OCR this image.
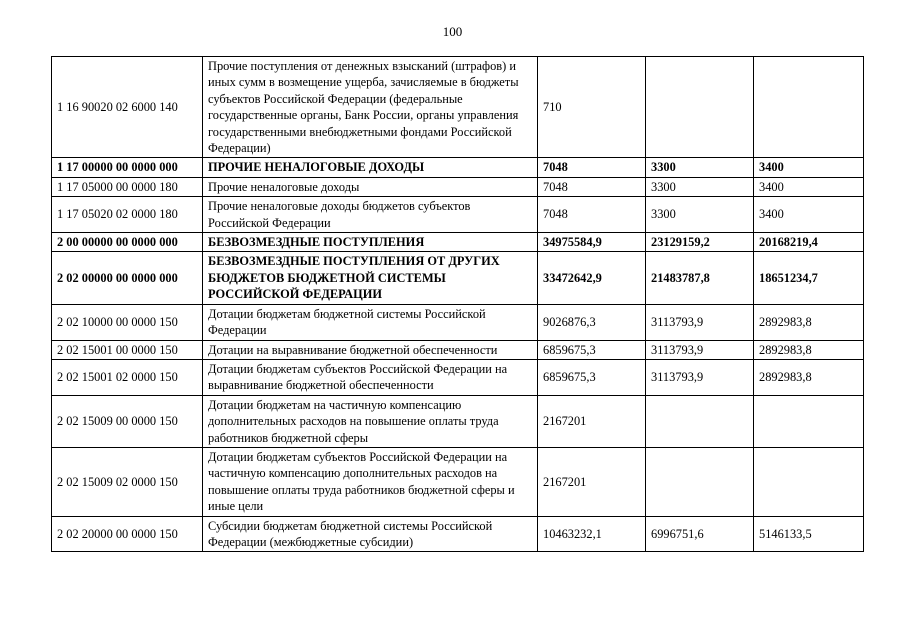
100
1 16 90020 02 6000 140	Прочие поступления от денежных взысканий (штрафов) и иных сумм в возмещение ущерба, зачисляемые в бюджеты субъектов Российской Федерации (федеральные государственные органы, Банк России, органы управления государственными внебюджетными фондами Российской Федерации)	710		
1 17 00000 00 0000 000	ПРОЧИЕ НЕНАЛОГОВЫЕ ДОХОДЫ	7048	3300	3400
1 17 05000 00 0000 180	Прочие неналоговые доходы	7048	3300	3400
1 17 05020 02 0000 180	Прочие неналоговые доходы бюджетов субъектов Российской Федерации	7048	3300	3400
2 00 00000 00 0000 000	БЕЗВОЗМЕЗДНЫЕ ПОСТУПЛЕНИЯ	34975584,9	23129159,2	20168219,4
2 02 00000 00 0000 000	БЕЗВОЗМЕЗДНЫЕ ПОСТУПЛЕНИЯ ОТ ДРУГИХ БЮДЖЕТОВ БЮДЖЕТНОЙ СИСТЕМЫ РОССИЙСКОЙ ФЕДЕРАЦИИ	33472642,9	21483787,8	18651234,7
2 02 10000 00 0000 150	Дотации бюджетам бюджетной системы Российской Федерации	9026876,3	3113793,9	2892983,8
2 02 15001 00 0000 150	Дотации на выравнивание бюджетной обеспеченности	6859675,3	3113793,9	2892983,8
2 02 15001 02 0000 150	Дотации бюджетам субъектов Российской Федерации на выравнивание бюджетной обеспеченности	6859675,3	3113793,9	2892983,8
2 02 15009 00 0000 150	Дотации бюджетам на частичную компенсацию дополнительных расходов на повышение оплаты труда работников бюджетной сферы	2167201		
2 02 15009 02 0000 150	Дотации бюджетам субъектов Российской Федерации на частичную компенсацию дополнительных расходов на повышение оплаты труда работников бюджетной сферы и иные цели	2167201		
2 02 20000 00 0000 150	Субсидии бюджетам бюджетной системы Российской Федерации (межбюджетные субсидии)	10463232,1	6996751,6	5146133,5
